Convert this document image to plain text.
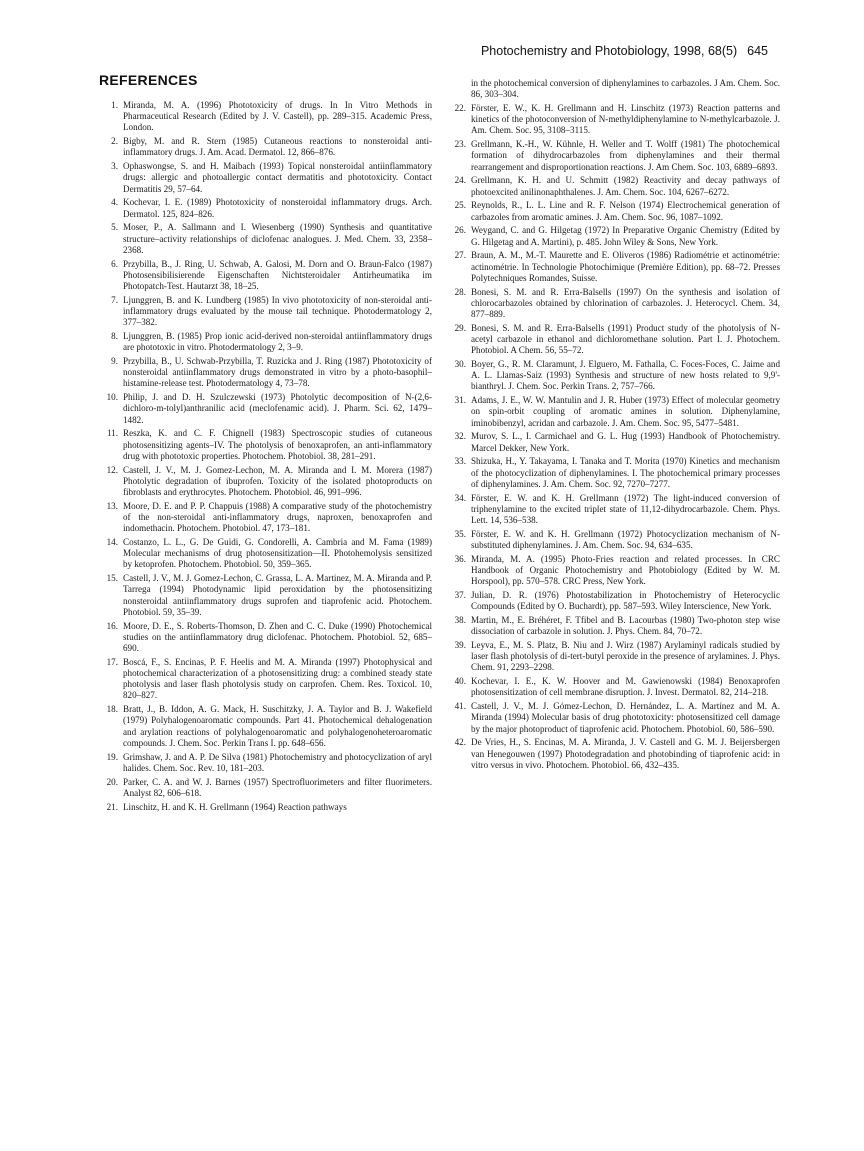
Photochemistry and Photobiology, 1998, 68(5) 645
REFERENCES
1. Miranda, M. A. (1996) Phototoxicity of drugs. In In Vitro Methods in Pharmaceutical Research (Edited by J. V. Castell), pp. 289–315. Academic Press, London.
2. Bigby, M. and R. Stern (1985) Cutaneous reactions to nonsteroidal anti-inflammatory drugs. J. Am. Acad. Dermatol. 12, 866–876.
3. Ophaswongse, S. and H. Maibach (1993) Topical nonsteroidal antiinflammatory drugs: allergic and photoallergic contact dermatitis and phototoxicity. Contact Dermatitis 29, 57–64.
4. Kochevar, I. E. (1989) Phototoxicity of nonsteroidal inflammatory drugs. Arch. Dermatol. 125, 824–826.
5. Moser, P., A. Sallmann and I. Wiesenberg (1990) Synthesis and quantitative structure–activity relationships of diclofenac analogues. J. Med. Chem. 33, 2358–2368.
6. Przybilla, B., J. Ring, U. Schwab, A. Galosi, M. Dorn and O. Braun-Falco (1987) Photosensibilisierende Eigenschaften Nichtsteroidaler Antirheumatika im Photopatch-Test. Hautarzt 38, 18–25.
7. Ljunggren, B. and K. Lundberg (1985) In vivo phototoxicity of non-steroidal anti-inflammatory drugs evaluated by the mouse tail technique. Photodermatology 2, 377–382.
8. Ljunggren, B. (1985) Prop ionic acid-derived non-steroidal antiinflammatory drugs are phototoxic in vitro. Photodermatology 2, 3–9.
9. Przybilla, B., U. Schwab-Przybilla, T. Ruzicka and J. Ring (1987) Phototoxicity of nonsteroidal antiinflammatory drugs demonstrated in vitro by a photo-basophil–histamine-release test. Photodermatology 4, 73–78.
10. Philip, J. and D. H. Szulczewski (1973) Photolytic decomposition of N-(2,6-dichloro-m-tolyl)anthranilic acid (meclofenamic acid). J. Pharm. Sci. 62, 1479–1482.
11. Reszka, K. and C. F. Chignell (1983) Spectroscopic studies of cutaneous photosensitizing agents–IV. The photolysis of benoxaprofen, an anti-inflammatory drug with phototoxic properties. Photochem. Photobiol. 38, 281–291.
12. Castell, J. V., M. J. Gomez-Lechon, M. A. Miranda and I. M. Morera (1987) Photolytic degradation of ibuprofen. Toxicity of the isolated photoproducts on fibroblasts and erythrocytes. Photochem. Photobiol. 46, 991–996.
13. Moore, D. E. and P. P. Chappuis (1988) A comparative study of the photochemistry of the non-steroidal anti-inflammatory drugs, naproxen, benoxaprofen and indomethacin. Photochem. Photobiol. 47, 173–181.
14. Costanzo, L. L., G. De Guidi, G. Condorelli, A. Cambria and M. Fama (1989) Molecular mechanisms of drug photosensitization—II. Photohemolysis sensitized by ketoprofen. Photochem. Photobiol. 50, 359–365.
15. Castell, J. V., M. J. Gomez-Lechon, C. Grassa, L. A. Martinez, M. A. Miranda and P. Tarrega (1994) Photodynamic lipid peroxidation by the photosensitizing nonsteroidal antiinflammatory drugs suprofen and tiaprofenic acid. Photochem. Photobiol. 59, 35–39.
16. Moore, D. E., S. Roberts-Thomson, D. Zhen and C. C. Duke (1990) Photochemical studies on the antiinflammatory drug diclofenac. Photochem. Photobiol. 52, 685–690.
17. Boscá, F., S. Encinas, P. F. Heelis and M. A. Miranda (1997) Photophysical and photochemical characterization of a photosensitizing drug: a combined steady state photolysis and laser flash photolysis study on carprofen. Chem. Res. Toxicol. 10, 820–827.
18. Bratt, J., B. Iddon, A. G. Mack, H. Suschitzky, J. A. Taylor and B. J. Wakefield (1979) Polyhalogenoaromatic compounds. Part 41. Photochemical dehalogenation and arylation reactions of polyhalogenoaromatic and polyhalogenoheteroaromatic compounds. J. Chem. Soc. Perkin Trans I. pp. 648–656.
19. Grimshaw, J. and A. P. De Silva (1981) Photochemistry and photocyclization of aryl halides. Chem. Soc. Rev. 10, 181–203.
20. Parker, C. A. and W. J. Barnes (1957) Spectrofluorimeters and filter fluorimeters. Analyst 82, 606–618.
21. Linschitz, H. and K. H. Grellmann (1964) Reaction pathways
in the photochemical conversion of diphenylamines to carbazoles. J Am. Chem. Soc. 86, 303–304.
22. Förster, E. W., K. H. Grellmann and H. Linschitz (1973) Reaction patterns and kinetics of the photoconversion of N-methyldiphenylamine to N-methylcarbazole. J. Am. Chem. Soc. 95, 3108–3115.
23. Grellmann, K.-H., W. Kühnle, H. Weller and T. Wolff (1981) The photochemical formation of dihydrocarbazoles from diphenylamines and their thermal rearrangement and disproportionation reactions. J. Am Chem. Soc. 103, 6889–6893.
24. Grellmann, K. H. and U. Schmitt (1982) Reactivity and decay pathways of photoexcited anilinonaphthalenes. J. Am. Chem. Soc. 104, 6267–6272.
25. Reynolds, R., L. L. Line and R. F. Nelson (1974) Electrochemical generation of carbazoles from aromatic amines. J. Am. Chem. Soc. 96, 1087–1092.
26. Weygand, C. and G. Hilgetag (1972) In Preparative Organic Chemistry (Edited by G. Hilgetag and A. Martini), p. 485. John Wiley & Sons, New York.
27. Braun, A. M., M.-T. Maurette and E. Oliveros (1986) Radiométrie et actinométrie: actinométrie. In Technologie Photochimique (Première Edition), pp. 68–72. Presses Polytechniques Romandes, Suisse.
28. Bonesi, S. M. and R. Erra-Balsells (1997) On the synthesis and isolation of chlorocarbazoles obtained by chlorination of carbazoles. J. Heterocycl. Chem. 34, 877–889.
29. Bonesi, S. M. and R. Erra-Balsells (1991) Product study of the photolysis of N-acetyl carbazole in ethanol and dichloromethane solution. Part I. J. Photochem. Photobiol. A Chem. 56, 55–72.
30. Boyer, G., R. M. Claramunt, J. Elguero, M. Fathalla, C. Foces-Foces, C. Jaime and A. L. Llamas-Saiz (1993) Synthesis and structure of new hosts related to 9,9'-bianthryl. J. Chem. Soc. Perkin Trans. 2, 757–766.
31. Adams, J. E., W. W. Mantulin and J. R. Huber (1973) Effect of molecular geometry on spin-orbit coupling of aromatic amines in solution. Diphenylamine, iminobibenzyl, acridan and carbazole. J. Am. Chem. Soc. 95, 5477–5481.
32. Murov, S. L., I. Carmichael and G. L. Hug (1993) Handbook of Photochemistry. Marcel Dekker, New York.
33. Shizuka, H., Y. Takayama, I. Tanaka and T. Morita (1970) Kinetics and mechanism of the photocyclization of diphenylamines. I. The photochemical primary processes of diphenylamines. J. Am. Chem. Soc. 92, 7270–7277.
34. Förster, E. W. and K. H. Grellmann (1972) The light-induced conversion of triphenylamine to the excited triplet state of 11,12-dihydrocarbazole. Chem. Phys. Lett. 14, 536–538.
35. Förster, E. W. and K. H. Grellmann (1972) Photocyclization mechanism of N-substituted diphenylamines. J. Am. Chem. Soc. 94, 634–635.
36. Miranda, M. A. (1995) Photo-Fries reaction and related processes. In CRC Handbook of Organic Photochemistry and Photobiology (Edited by W. M. Horspool), pp. 570–578. CRC Press, New York.
37. Julian, D. R. (1976) Photostabilization in Photochemistry of Heterocyclic Compounds (Edited by O. Buchardt), pp. 587–593. Wiley Interscience, New York.
38. Martin, M., E. Bréhéret, F. Tfibel and B. Lacourbas (1980) Two-photon step wise dissociation of carbazole in solution. J. Phys. Chem. 84, 70–72.
39. Leyva, E., M. S. Platz, B. Niu and J. Wirz (1987) Arylaminyl radicals studied by laser flash photolysis of di-tert-butyl peroxide in the presence of arylamines. J. Phys. Chem. 91, 2293–2298.
40. Kochevar, I. E., K. W. Hoover and M. Gawienowski (1984) Benoxaprofen photosensitization of cell membrane disruption. J. Invest. Dermatol. 82, 214–218.
41. Castell, J. V., M. J. Gómez-Lechon, D. Hernández, L. A. Martínez and M. A. Miranda (1994) Molecular basis of drug phototoxicity: photosensitized cell damage by the major photoproduct of tiaprofenic acid. Photochem. Photobiol. 60, 586–590.
42. De Vries, H., S. Encinas, M. A. Miranda, J. V. Castell and G. M. J. Beijersbergen van Henegouwen (1997) Photodegradation and photobinding of tiaprofenic acid: in vitro versus in vivo. Photochem. Photobiol. 66, 432–435.
